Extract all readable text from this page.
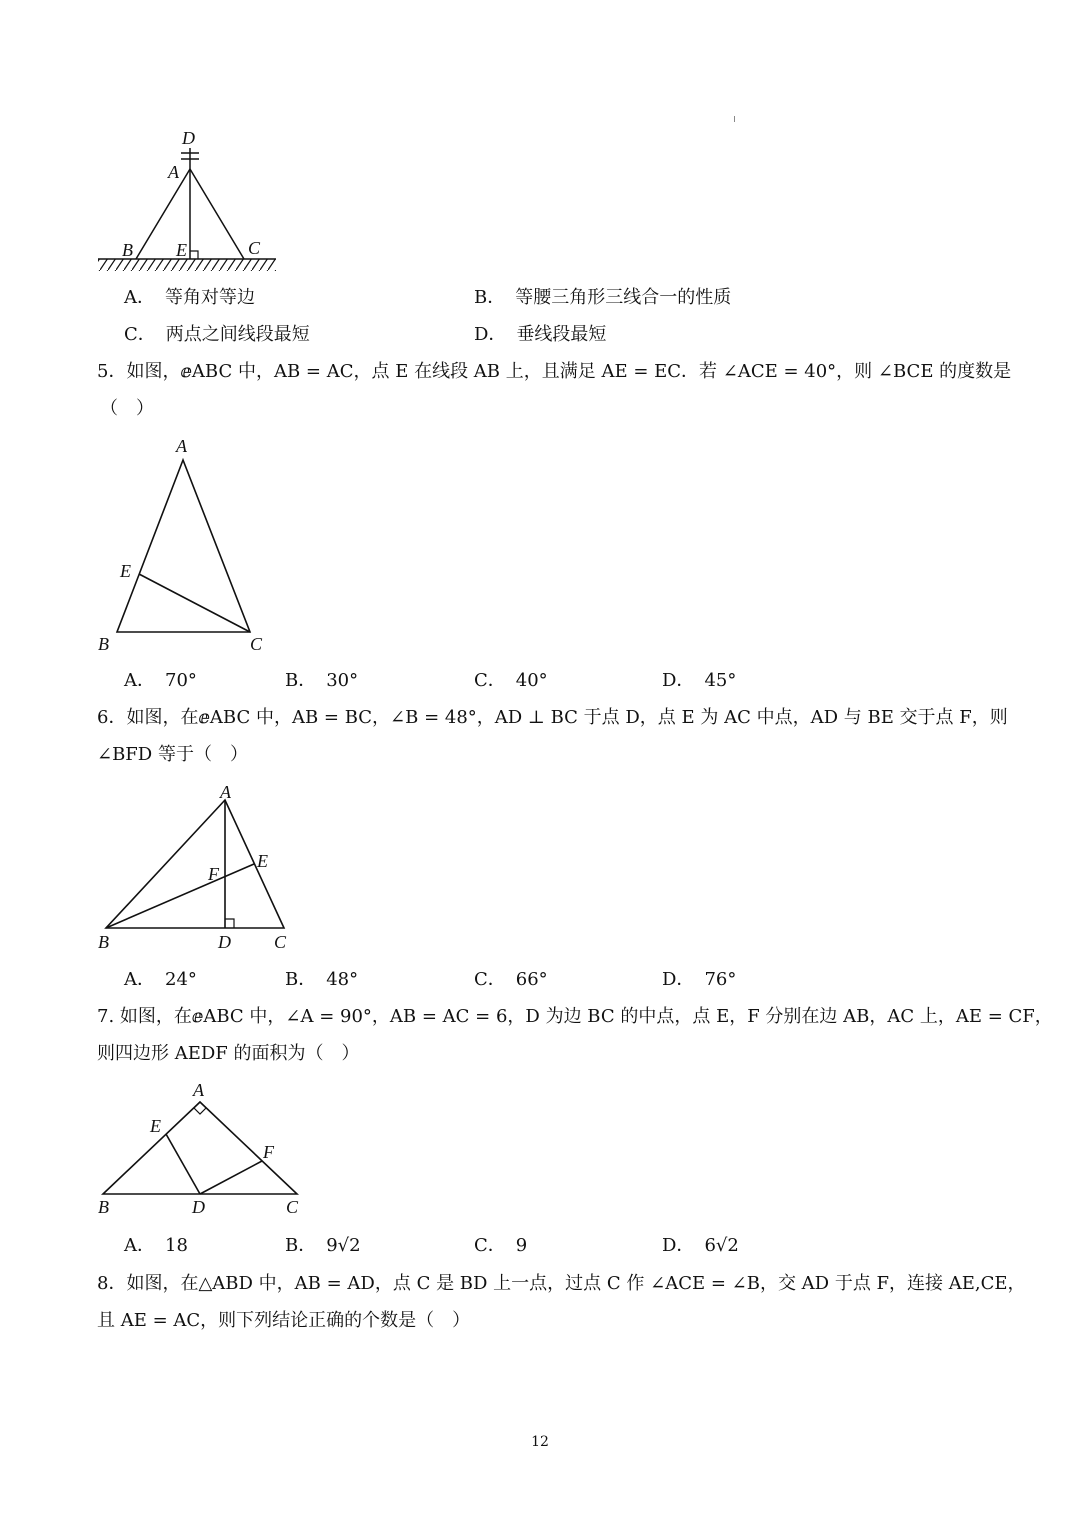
D
A
B E	C
A． 等角对等边	B． 等腰三角形三线合一的性质
C． 两点之间线段最短	D． 垂线段最短
5．如图，ⅇABC 中，AB = AC，点 E 在线段 AB 上，且满足 AE = EC．若 ∠ACE = 40°，则 ∠BCE 的度数是
（　）
A
E
B	C
A． 70°	B． 30°	C． 40°	D． 45°
6．如图，在ⅇABC 中，AB = BC，∠B = 48°，AD ⊥ BC 于点 D，点 E 为 AC 中点，AD 与 BE 交于点 F，则
∠BFD 等于（　）
A
E
F
B	D C
A． 24°	B． 48°	C． 66°	D． 76°
7. 如图，在ⅇABC 中，∠A = 90°，AB = AC = 6，D 为边 BC 的中点，点 E，F 分别在边 AB，AC 上，AE = CF，
则四边形 AEDF 的面积为（　）
A
E
F
B	D	C
A． 18	B． 9√2	C． 9	D． 6√2
8．如图，在△ABD 中，AB = AD，点 C 是 BD 上一点，过点 C 作 ∠ACE = ∠B，交 AD 于点 F，连接 AE,CE，
且 AE = AC，则下列结论正确的个数是（　）
12
